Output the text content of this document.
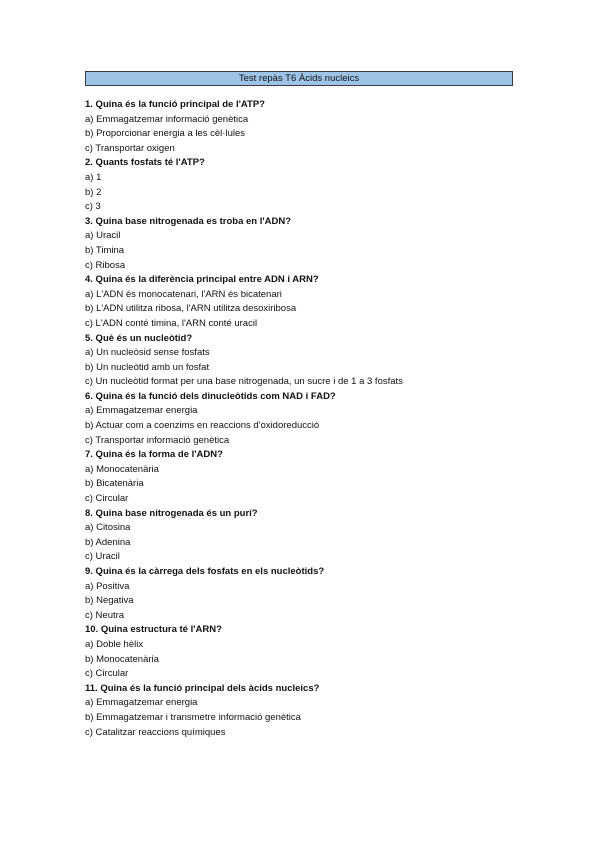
Test repàs T6 Àcids nucleics
1. Quina és la funció principal de l'ATP?
a) Emmagatzemar informació genètica
b) Proporcionar energia a les cèl·lules
c) Transportar oxigen
2. Quants fosfats té l'ATP?
a) 1
b) 2
c) 3
3. Quina base nitrogenada es troba en l'ADN?
a) Uracil
b) Timina
c) Ribosa
4. Quina és la diferència principal entre ADN i ARN?
a) L'ADN és monocatenari, l'ARN és bicatenari
b) L'ADN utilitza ribosa, l'ARN utilitza desoxiribosa
c) L'ADN conté timina, l'ARN conté uracil
5. Què és un nucleòtid?
a) Un nucleòsid sense fosfats
b) Un nucleòtid amb un fosfat
c) Un nucleòtid format per una base nitrogenada, un sucre i de 1 a 3 fosfats
6. Quina és la funció dels dinucleòtids com NAD i FAD?
a) Emmagatzemar energia
b) Actuar com a coenzims en reaccions d'oxidoreducció
c) Transportar informació genètica
7. Quina és la forma de l'ADN?
a) Monocatenària
b) Bicatenària
c) Circular
8. Quina base nitrogenada és un purí?
a) Citosina
b) Adenina
c) Uracil
9. Quina és la càrrega dels fosfats en els nucleòtids?
a) Positiva
b) Negativa
c) Neutra
10. Quina estructura té l'ARN?
a) Doble hèlix
b) Monocatenària
c) Circular
11. Quina és la funció principal dels àcids nucleics?
a) Emmagatzemar energia
b) Emmagatzemar i transmetre informació genètica
c) Catalitzar reaccions químiques
